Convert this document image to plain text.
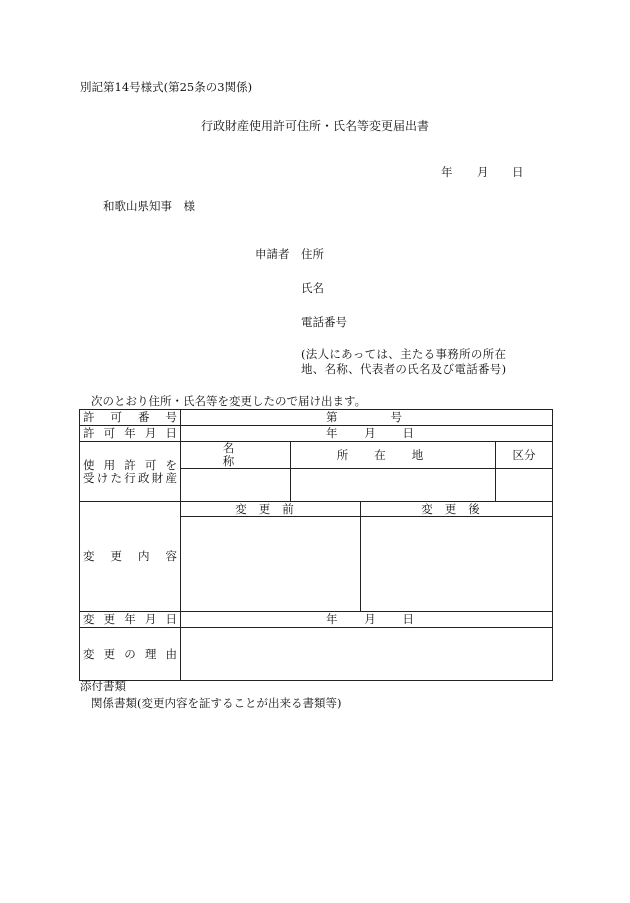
別記第14号様式(第25条の3関係)
行政財産使用許可住所・氏名等変更届出書
年 月 日
和歌山県知事　様
申請者 住所
氏名
電話番号
(法人にあっては、主たる事務所の所在
地、名称、代表者の氏名及び電話番号)
次のとおり住所・氏名等を変更したので届け出ます。
許可番号	第 号			

許可年月日	年 月 日			

使用許可を
受けた行政財産	名称	所在地		区分

変更内容	変更前		変更後	

変更年月日	年 月 日			

変更の理由				
添付書類
関係書類(変更内容を証することが出来る書類等)
